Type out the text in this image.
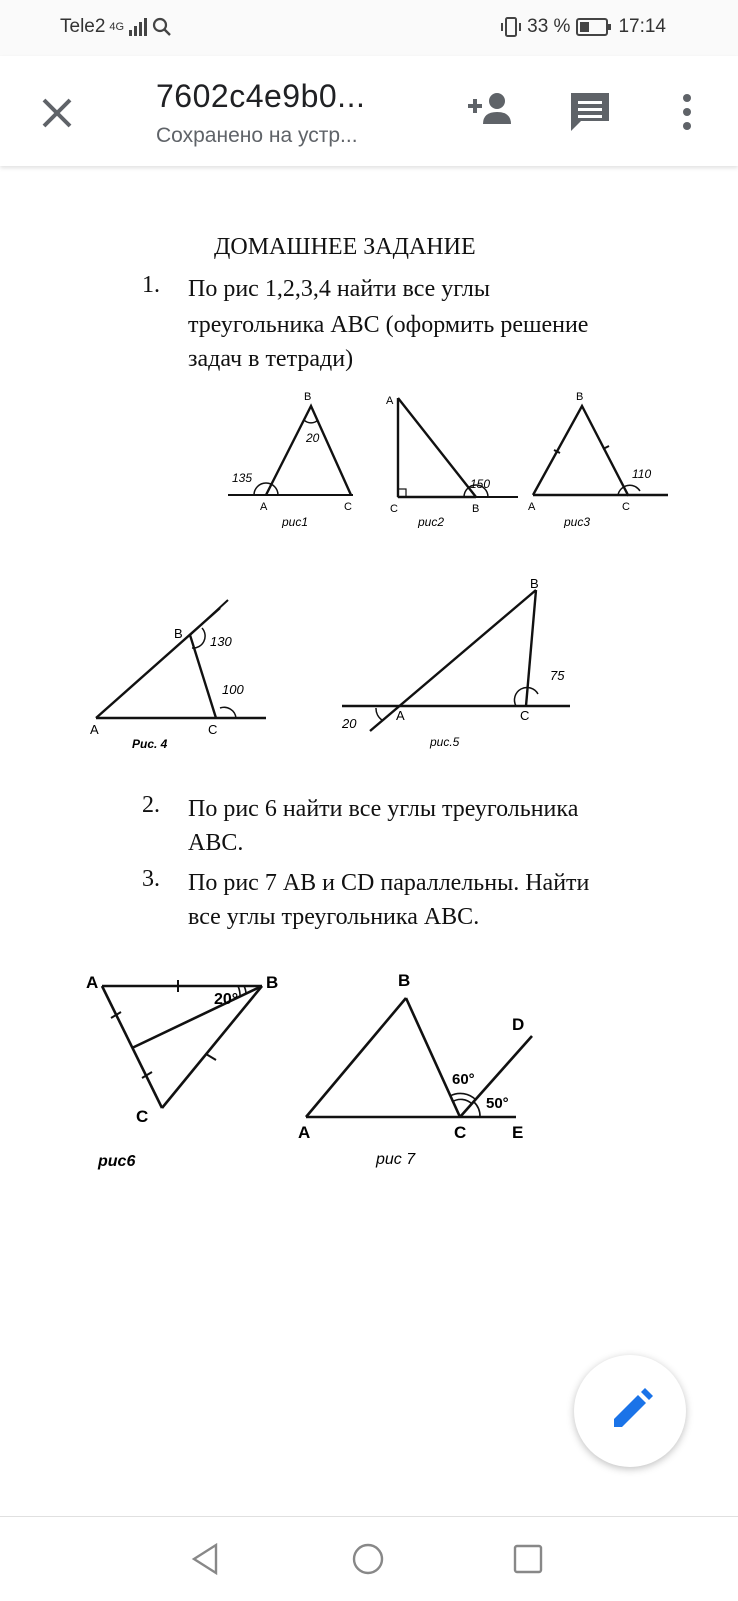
Tele2 4G	33 %	17:14
7602c4e9b0...
Сохранено на устр...
ДОМАШНЕЕ ЗАДАНИЕ
1.	По рис 1,2,3,4 найти все углы
треугольника АВС (оформить решение
задач в тетради)
B
20
135
A	C
рис1
A
150
C	B
рис2
B
110
A	C
рис3
B
130
100
A	C
Рис. 4
B
75
20
A	C
рис.5
2.	По рис 6 найти все углы треугольника
АВС.
3.	По рис 7 АВ и CD параллельны. Найти
все углы треугольника АВС.
A	B
20°
C
рис6
B
D
60°
50°
A	C	E
рис 7
